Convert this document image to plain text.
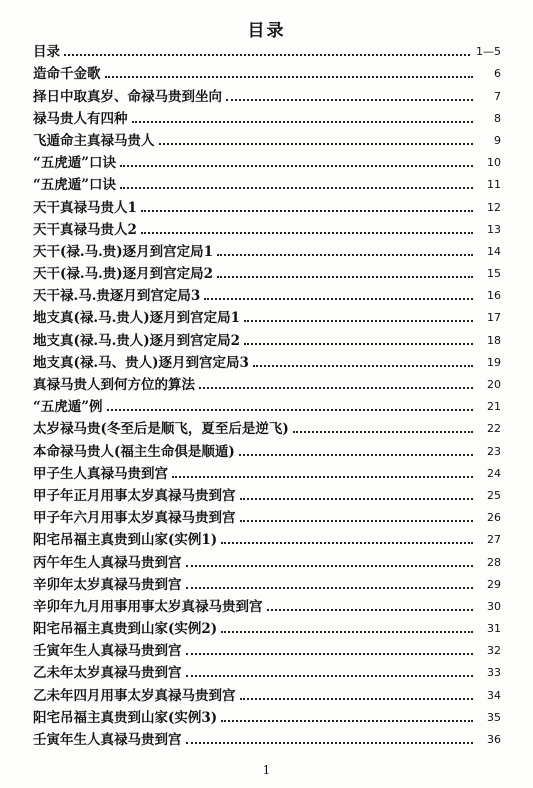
目录
目录	1—5
造命千金歌	6
择日中取真岁、命禄马贵到坐向	7
禄马贵人有四种	8
飞遁命主真禄马贵人	9
“五虎遁”口诀	10
“五虎遁”口诀	11
天干真禄马贵人1	12
天干真禄马贵人2	13
天干(禄.马.贵)逐月到宫定局1	14
天干(禄.马.贵)逐月到宫定局2	15
天干禄.马.贵逐月到宫定局3	16
地支真(禄.马.贵人)逐月到宫定局1	17
地支真(禄.马.贵人)逐月到宫定局2	18
地支真(禄.马、贵人)逐月到宫定局3	19
真禄马贵人到何方位的算法	20
“五虎遁”例	21
太岁禄马贵(冬至后是顺飞，夏至后是逆飞)	22
本命禄马贵人(福主生命俱是顺遁)	23
甲子生人真禄马贵到宫	24
甲子年正月用事太岁真禄马贵到宫	25
甲子年六月用事太岁真禄马贵到宫	26
阳宅吊福主真贵到山家(实例1)	27
丙午年生人真禄马贵到宫	28
辛卯年太岁真禄马贵到宫	29
辛卯年九月用事用事太岁真禄马贵到宫	30
阳宅吊福主真贵到山家(实例2)	31
壬寅年生人真禄马贵到宫	32
乙未年太岁真禄马贵到宫	33
乙未年四月用事太岁真禄马贵到宫	34
阳宅吊福主真贵到山家(实例3)	35
壬寅年生人真禄马贵到宫	36
1
